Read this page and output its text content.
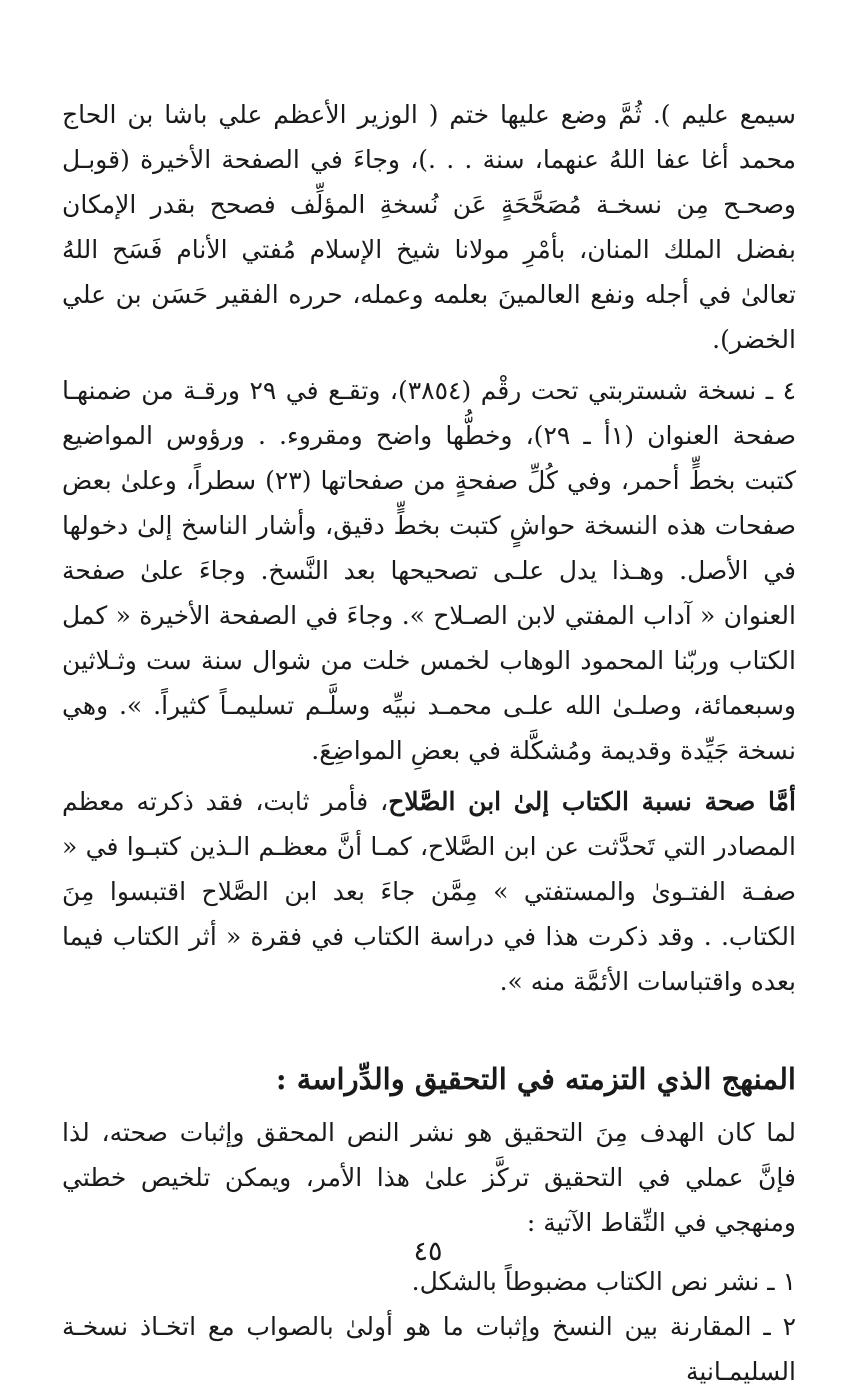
سيمع عليم ). ثُمَّ وضع عليها ختم ( الوزير الأعظم علي باشا بن الحاج محمد أغا عفا اللهُ عنهما، سنة . . .)، وجاءَ في الصفحة الأخيرة (قوبـل وصحـح مِن نسخـة مُصَحَّحَةٍ عَن نُسخةِ المؤلِّف فصحح بقدر الإمكان بفضل الملك المنان، بأمْرِ مولانا شيخ الإسلام مُفتي الأنام فَسَح اللهُ تعالىٰ في أجله ونفع العالمينَ بعلمه وعمله، حرره الفقير حَسَن بن علي الخضر).

٤ ـ نسخة شستربتي تحت رقْم (٣٨٥٤)، وتقـع في ٢٩ ورقـة من ضمنهـا صفحة العنوان (١أ ـ ٢٩)، وخطُّها واضح ومقروء. . ورؤوس المواضيع كتبت بخطٍّ أحمر، وفي كُلِّ صفحةٍ من صفحاتها (٢٣) سطراً، وعلىٰ بعض صفحات هذه النسخة حواشٍ كتبت بخطٍّ دقيق، وأشار الناسخ إلىٰ دخولها في الأصل. وهـذا يدل علـى تصحيحها بعد النَّسخ. وجاءَ علىٰ صفحة العنوان « آداب المفتي لابن الصـلاح ». وجاءَ في الصفحة الأخيرة « كمل الكتاب وربّنا المحمود الوهاب لخمس خلت من شوال سنة ست وثـلاثين وسبعمائة، وصلـىٰ الله علـى محمـد نبيِّه وسلَّـم تسليمـاً كثيراً. ». وهي نسخة جَيِّدة وقديمة ومُشكَّلة في بعضِ المواضِعَ.

أمَّا صحة نسبة الكتاب إلىٰ ابن الصَّلاح، فأمر ثابت، فقد ذكرته معظم المصادر التي تَحدَّثت عن ابن الصَّلاح، كمـا أنَّ معظـم الـذين كتبـوا في « صفـة الفتـوىٰ والمستفتي » مِمَّن جاءَ بعد ابن الصَّلاح اقتبسوا مِنَ الكتاب. . وقد ذكرت هذا في دراسة الكتاب في فقرة « أثر الكتاب فيما بعده واقتباسات الأئمَّة منه ».

المنهج الذي التزمته في التحقيق والدِّراسة :

لما كان الهدف مِنَ التحقيق هو نشر النص المحقق وإثبات صحته، لذا فإنَّ عملي في التحقيق تركَّز علىٰ هذا الأمر، ويمكن تلخيص خطتي ومنهجي في النِّقاط الآتية :

١ ـ نشر نص الكتاب مضبوطاً بالشكل.
٢ ـ المقارنة بين النسخ وإثبات ما هو أولىٰ بالصواب مع اتخـاذ نسخـة السليمـانية
٤٥
